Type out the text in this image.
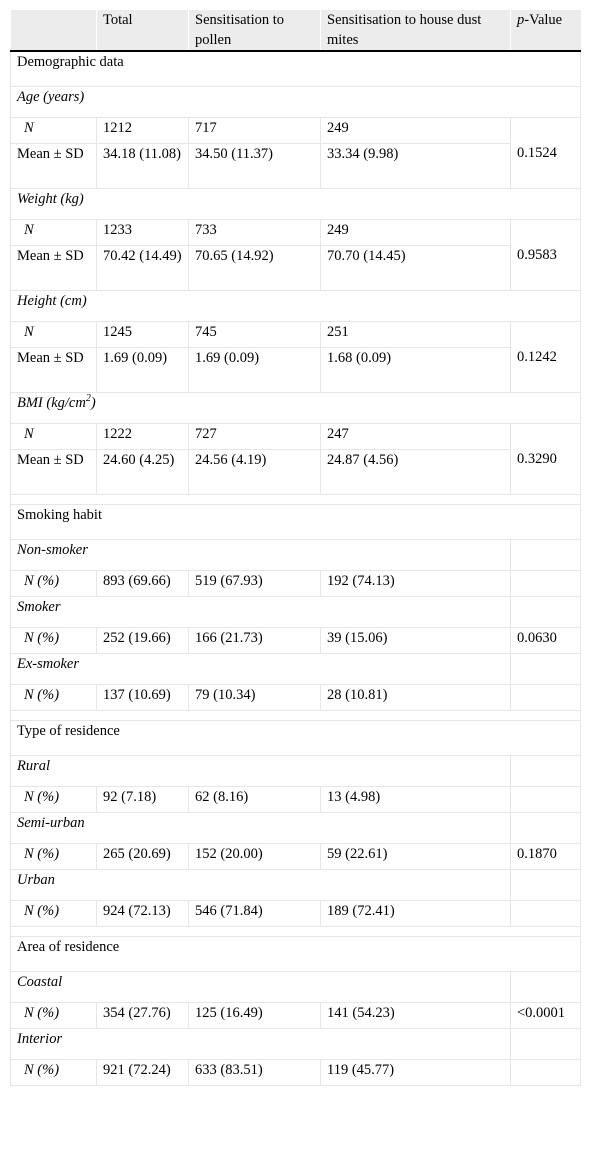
	Total	Sensitisation to pollen	Sensitisation to house dust mites	p-Value
Demographic data				
Age (years)				
N	1212	717	249	0.1524
Mean ± SD	34.18 (11.08)	34.50 (11.37)	33.34 (9.98)	
Weight (kg)				
N	1233	733	249	0.9583
Mean ± SD	70.42 (14.49)	70.65 (14.92)	70.70 (14.45)	
Height (cm)				
N	1245	745	251	0.1242
Mean ± SD	1.69 (0.09)	1.69 (0.09)	1.68 (0.09)	
BMI $(kg/cm^2)$				
N	1222	727	247	0.3290
Mean ± SD	24.60 (4.25)	24.56 (4.19)	24.87 (4.56)	

Smoking habit				
Non-smoker				
N (%)	893 (69.66)	519 (67.93)	192 (74.13)	
Smoker				
N (%)	252 (19.66)	166 (21.73)	39 (15.06)	0.0630
Ex-smoker				
N (%)	137 (10.69)	79 (10.34)	28 (10.81)	

Type of residence				
Rural				
N (%)	92 (7.18)	62 (8.16)	13 (4.98)	
Semi-urban				
N (%)	265 (20.69)	152 (20.00)	59 (22.61)	0.1870
Urban				
N (%)	924 (72.13)	546 (71.84)	189 (72.41)	

Area of residence				
Coastal				
N (%)	354 (27.76)	125 (16.49)	141 (54.23)	<0.0001
Interior				
N (%)	921 (72.24)	633 (83.51)	119 (45.77)	
